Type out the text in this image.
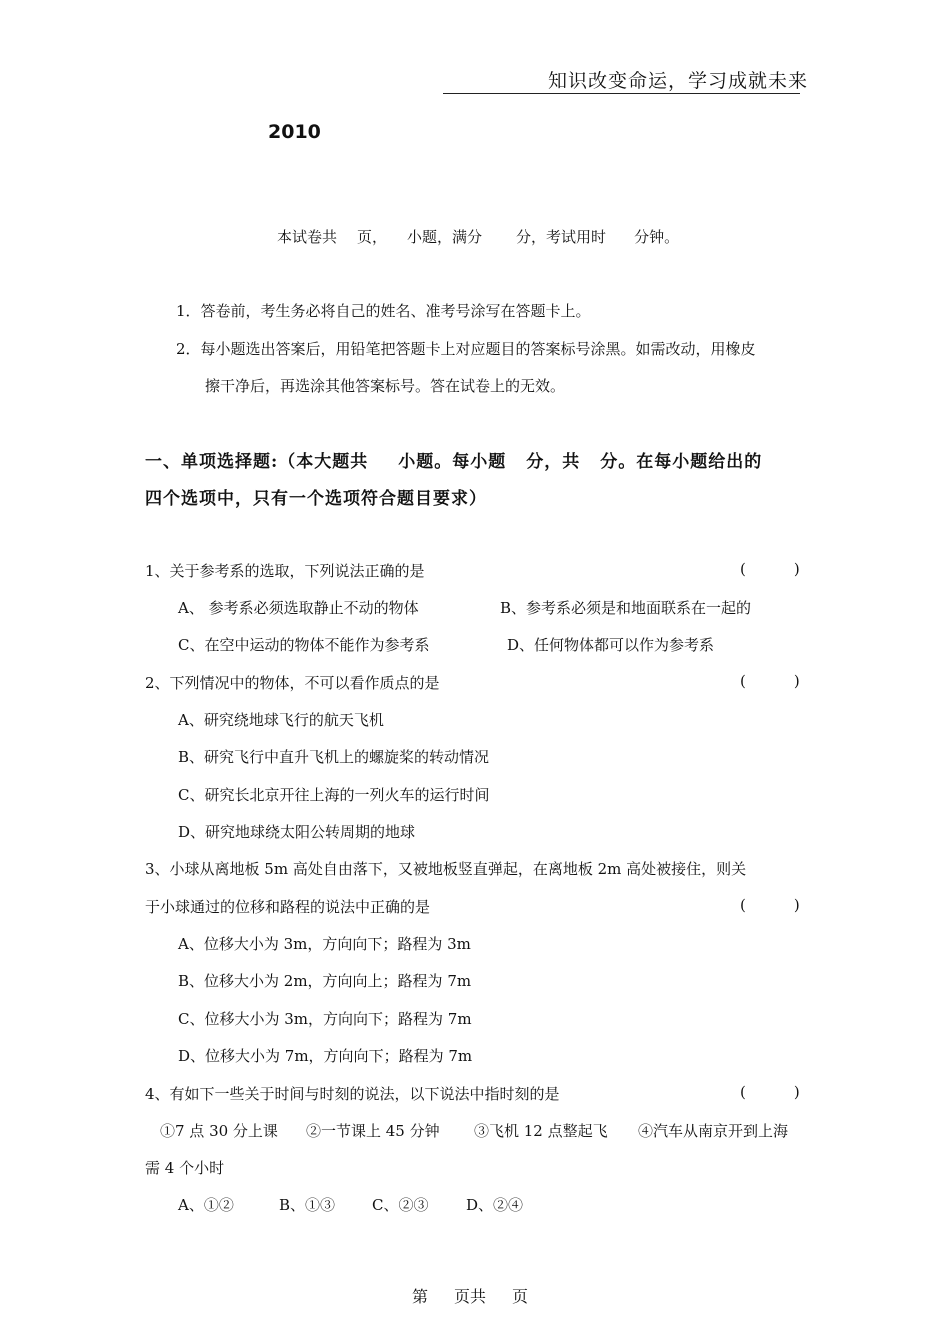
知识改变命运，学习成就未来
2010

本试卷共 页， 小题，满分 分，考试用时 分钟。
1．答卷前，考生务必将自己的姓名、准考号涂写在答题卡上。
2．每小题选出答案后，用铅笔把答题卡上对应题目的答案标号涂黑。如需改动，用橡皮
擦干净后，再选涂其他答案标号。答在试卷上的无效。
一、单项选择题:（本大题共 小题。每小题 分，共 分。在每小题给出的
四个选项中，只有一个选项符合题目要求）
1、关于参考系的选取，下列说法正确的是	(	)
A、 参考系必须选取静止不动的物体	B、参考系必须是和地面联系在一起的
C、在空中运动的物体不能作为参考系	D、任何物体都可以作为参考系
2、下列情况中的物体，不可以看作质点的是	(	)
A、研究绕地球飞行的航天飞机
B、研究飞行中直升飞机上的螺旋桨的转动情况
C、研究长北京开往上海的一列火车的运行时间
D、研究地球绕太阳公转周期的地球
3、小球从离地板 5m 高处自由落下，又被地板竖直弹起，在离地板 2m 高处被接住，则关
于小球通过的位移和路程的说法中正确的是	(	)
A、位移大小为 3m，方向向下；路程为 3m
B、位移大小为 2m，方向向上；路程为 7m
C、位移大小为 3m，方向向下；路程为 7m
D、位移大小为 7m，方向向下；路程为 7m
4、有如下一些关于时间与时刻的说法，以下说法中指时刻的是	(	)
①7 点 30 分上课 ②一节课上 45 分钟 ③飞机 12 点整起飞 ④汽车从南京开到上海
需 4 个小时
A、①②	B、①③ C、②③	D、②④
第 页共 页
